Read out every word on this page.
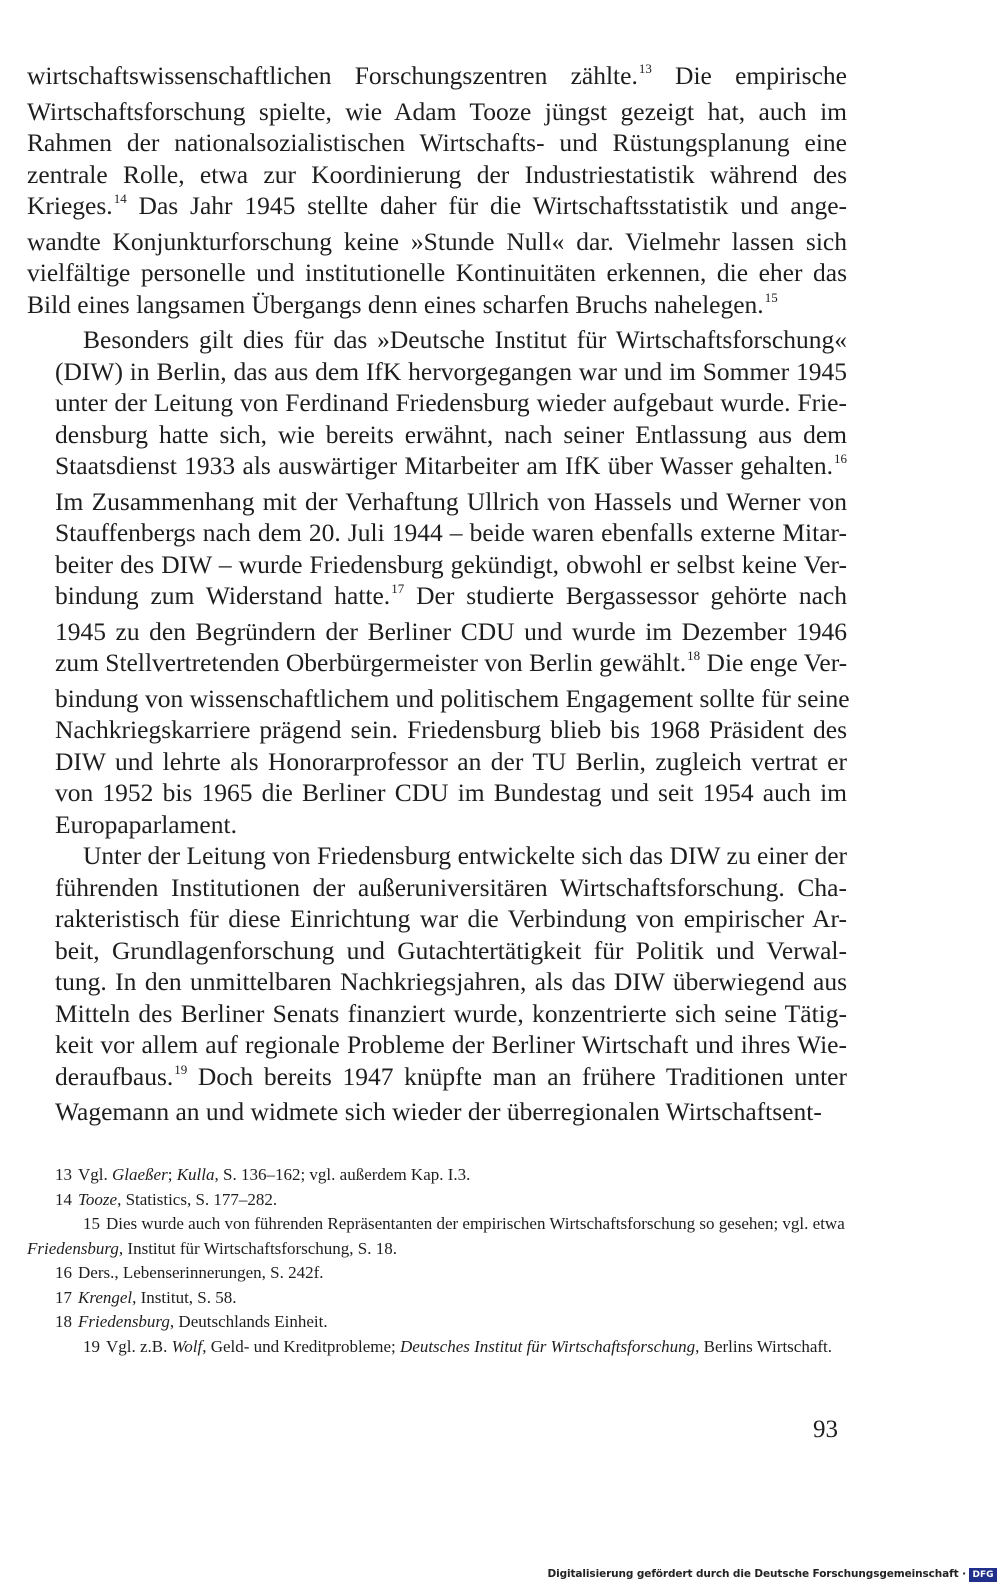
wirtschaftswissenschaftlichen Forschungszentren zählte.$^{13}$ Die empirische
Wirtschaftsforschung spielte, wie Adam Tooze jüngst gezeigt hat, auch im
Rahmen der nationalsozialistischen Wirtschafts- und Rüstungsplanung eine
zentrale Rolle, etwa zur Koordinierung der Industriestatistik während des
Krieges.$^{14}$ Das Jahr 1945 stellte daher für die Wirtschaftsstatistik und ange-
wandte Konjunkturforschung keine »Stunde Null« dar. Vielmehr lassen sich
vielfältige personelle und institutionelle Kontinuitäten erkennen, die eher das
Bild eines langsamen Übergangs denn eines scharfen Bruchs nahelegen.$^{15}$
Besonders gilt dies für das »Deutsche Institut für Wirtschaftsforschung«
(DIW) in Berlin, das aus dem IfK hervorgegangen war und im Sommer 1945
unter der Leitung von Ferdinand Friedensburg wieder aufgebaut wurde. Frie-
densburg hatte sich, wie bereits erwähnt, nach seiner Entlassung aus dem
Staatsdienst 1933 als auswärtiger Mitarbeiter am IfK über Wasser gehalten.$^{16}$
Im Zusammenhang mit der Verhaftung Ullrich von Hassels und Werner von
Stauffenbergs nach dem 20. Juli 1944 – beide waren ebenfalls externe Mitar-
beiter des DIW – wurde Friedensburg gekündigt, obwohl er selbst keine Ver-
bindung zum Widerstand hatte.$^{17}$ Der studierte Bergassessor gehörte nach
1945 zu den Begründern der Berliner CDU und wurde im Dezember 1946
zum Stellvertretenden Oberbürgermeister von Berlin gewählt.$^{18}$ Die enge Ver-
bindung von wissenschaftlichem und politischem Engagement sollte für seine
Nachkriegskarriere prägend sein. Friedensburg blieb bis 1968 Präsident des
DIW und lehrte als Honorarprofessor an der TU Berlin, zugleich vertrat er
von 1952 bis 1965 die Berliner CDU im Bundestag und seit 1954 auch im
Europaparlament.
Unter der Leitung von Friedensburg entwickelte sich das DIW zu einer der
führenden Institutionen der außeruniversitären Wirtschaftsforschung. Cha-
rakteristisch für diese Einrichtung war die Verbindung von empirischer Ar-
beit, Grundlagenforschung und Gutachtertätigkeit für Politik und Verwal-
tung. In den unmittelbaren Nachkriegsjahren, als das DIW überwiegend aus
Mitteln des Berliner Senats finanziert wurde, konzentrierte sich seine Tätig-
keit vor allem auf regionale Probleme der Berliner Wirtschaft und ihres Wie-
deraufbaus.$^{19}$ Doch bereits 1947 knüpfte man an frühere Traditionen unter
Wagemann an und widmete sich wieder der überregionalen Wirtschaftsent-

13 Vgl. Glaeßer; Kulla, S. 136–162; vgl. außerdem Kap. I.3.

14 Tooze, Statistics, S. 177–282.

15 Dies wurde auch von führenden Repräsentanten der empirischen Wirtschaftsforschung so gesehen; vgl. etwa Friedensburg, Institut für Wirtschaftsforschung, S. 18.

16 Ders., Lebenserinnerungen, S. 242f.

17 Krengel, Institut, S. 58.

18 Friedensburg, Deutschlands Einheit.

19 Vgl. z.B. Wolf, Geld- und Kreditprobleme; Deutsches Institut für Wirtschaftsforschung, Berlins Wirtschaft.

93
Digitalisierung gefördert durch die Deutsche Forschungsgemeinschaft · DFG
